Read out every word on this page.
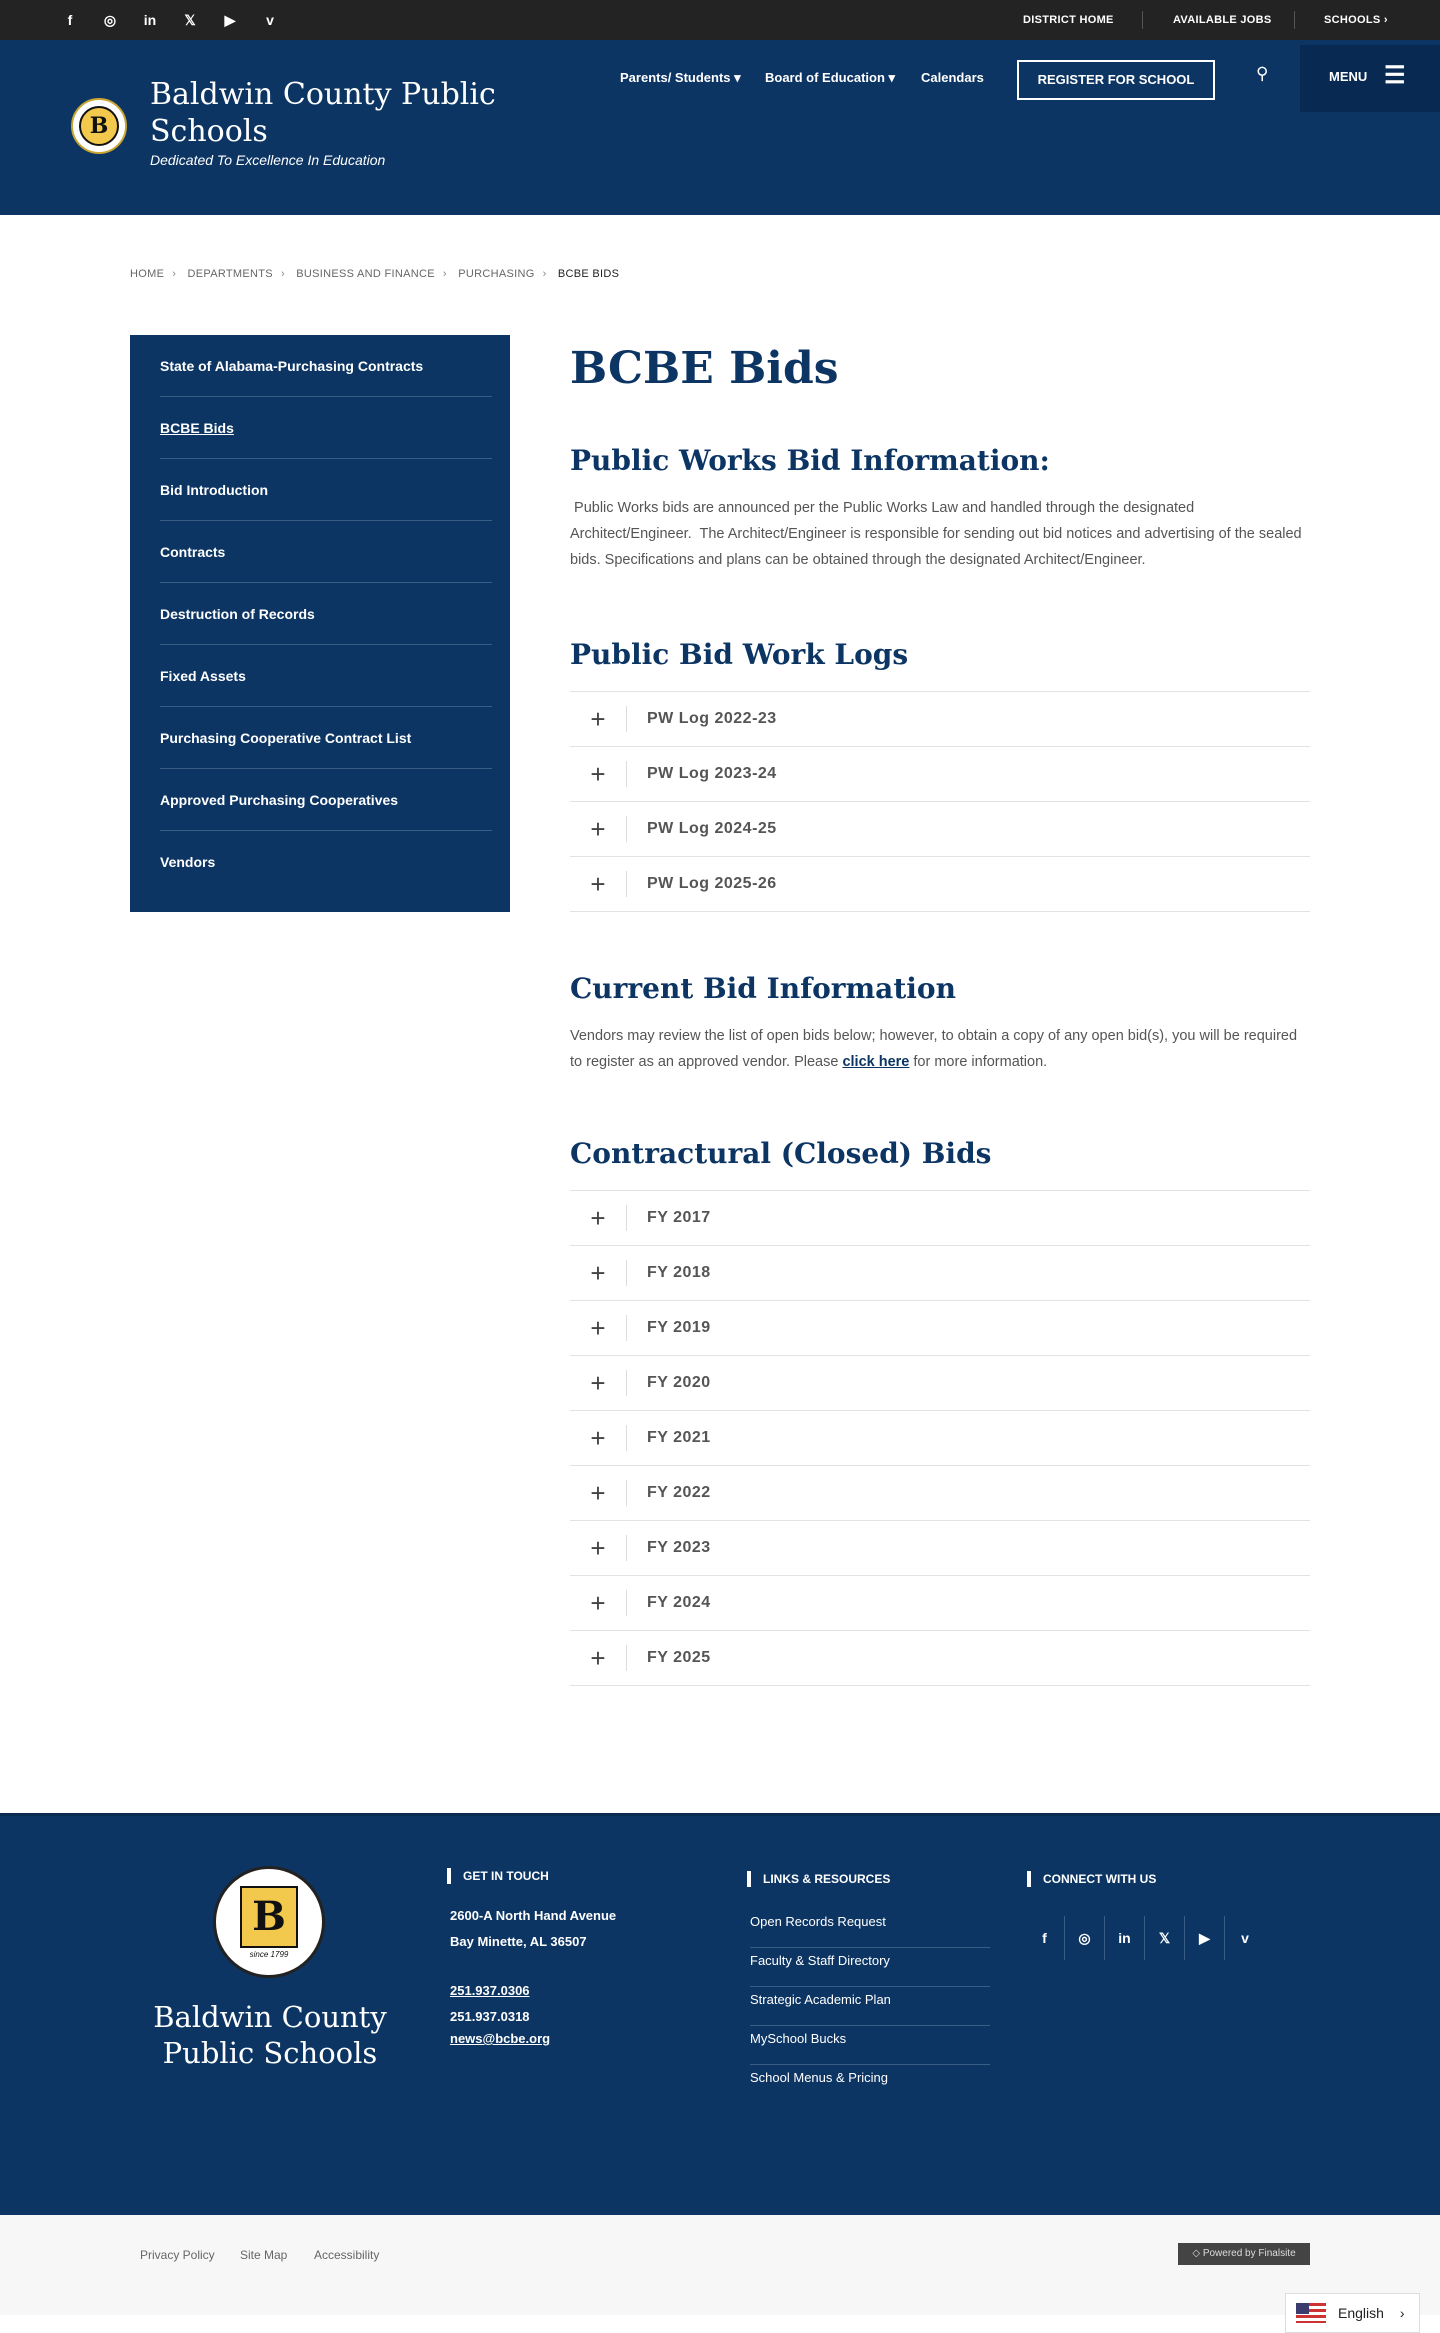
f	◎ in	𝕏	▶	v	DISTRICT HOME	AVAILABLE JOBS	SCHOOLS ›
B
Baldwin County Public Schools
Dedicated To Excellence In Education
Parents/ Students ▾ Board of Education ▾ Calendars	REGISTER FOR SCHOOL	⚲	MENU ☰
HOME › DEPARTMENTS › BUSINESS AND FINANCE › PURCHASING › BCBE BIDS
State of Alabama-Purchasing Contracts
BCBE Bids
Bid Introduction
Contracts
Destruction of Records
Fixed Assets
Purchasing Cooperative Contract List
Approved Purchasing Cooperatives
Vendors
BCBE Bids
Public Works Bid Information:

Public Works bids are announced per the Public Works Law and handled through the designated Architect/Engineer.  The Architect/Engineer is responsible for sending out bid notices and advertising of the sealed bids. Specifications and plans can be obtained through the designated Architect/Engineer.

Public Bid Work Logs
+	PW Log 2022-23
+	PW Log 2023-24
+	PW Log 2024-25
+	PW Log 2025-26
Current Bid Information

Vendors may review the list of open bids below; however, to obtain a copy of any open bid(s), you will be required to register as an approved vendor. Please click here for more information.

Contractural (Closed) Bids
+	FY 2017
+	FY 2018
+	FY 2019
+	FY 2020
+	FY 2021
+	FY 2022
+	FY 2023
+	FY 2024
+	FY 2025
B
since 1799
Baldwin County Public Schools
GET IN TOUCH
2600-A North Hand Avenue
Bay Minette, AL 36507
251.937.0306
251.937.0318
news@bcbe.org
LINKS & RESOURCES
Open Records Request
Faculty & Staff Directory
Strategic Academic Plan
MySchool Bucks
School Menus & Pricing
CONNECT WITH US
f	◎	in	𝕏	▶	v
Privacy Policy Site Map Accessibility	◇ Powered by Finalsite
English ›
